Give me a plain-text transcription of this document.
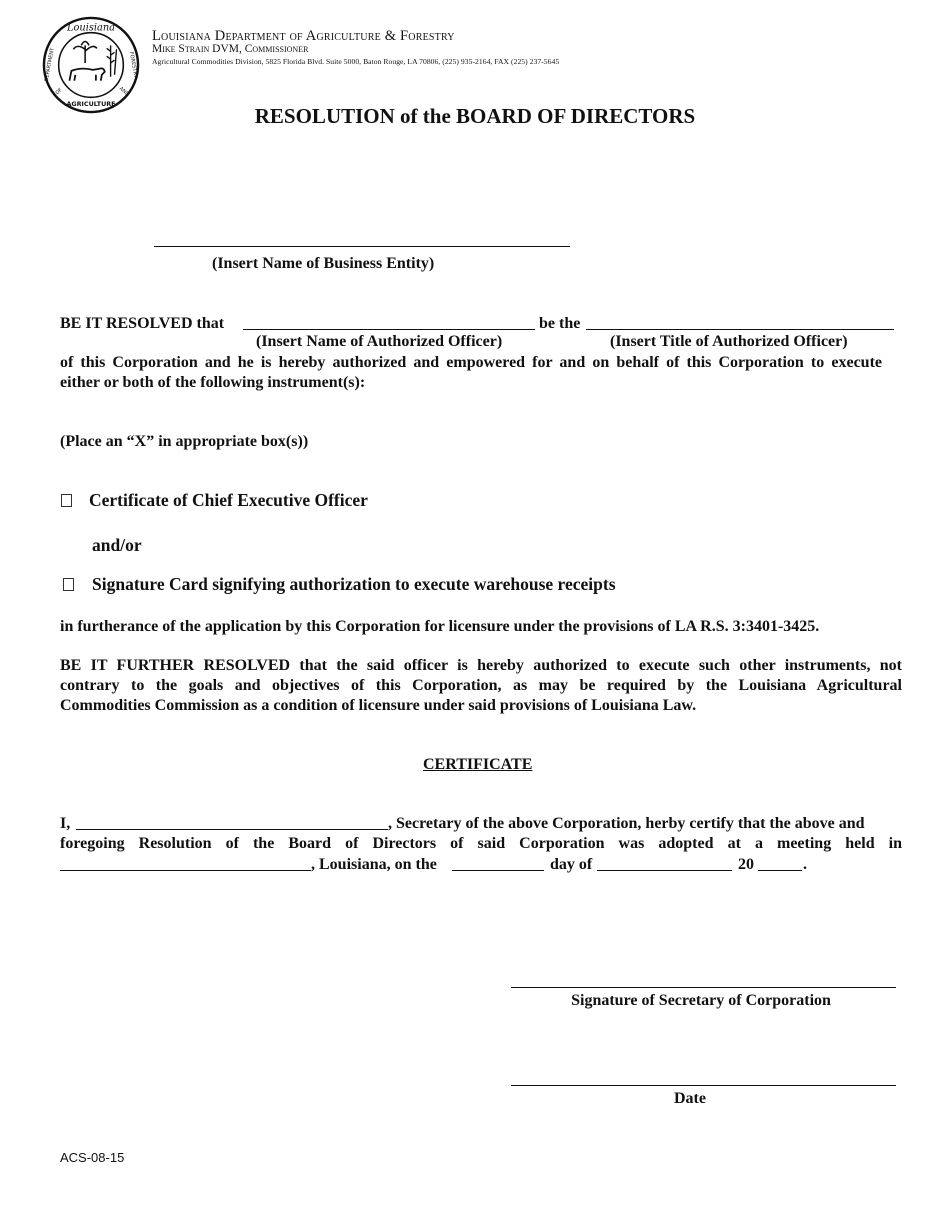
Louisiana
DEPARTMENT
OF
AGRICULTURE
AND
FORESTRY
Louisiana Department of Agriculture & Forestry
Mike Strain DVM, Commissioner
Agricultural Commodities Division, 5825 Florida Blvd. Suite 5000, Baton Rouge, LA 70806, (225) 935-2164, FAX (225) 237-5645
RESOLUTION of the BOARD OF DIRECTORS
(Insert Name of Business Entity)
BE IT RESOLVED that	be the
(Insert Name of Authorized Officer)	(Insert Title of Authorized Officer)
of this Corporation and he is hereby authorized and empowered for and on behalf of this Corporation to execute
either or both of the following instrument(s):
(Place an “X” in appropriate box(s))
Certificate of Chief Executive Officer
and/or
Signature Card signifying authorization to execute warehouse receipts
in furtherance of the application by this Corporation for licensure under the provisions of LA R.S. 3:3401-3425.
BE IT FURTHER RESOLVED that the said officer is hereby authorized to execute such other instruments, not
contrary to the goals and objectives of this Corporation, as may be required by the Louisiana Agricultural
Commodities Commission as a condition of licensure under said provisions of Louisiana Law.
CERTIFICATE
I,	, Secretary of the above Corporation, herby certify that the above and
foregoing Resolution of the Board of Directors of said Corporation was adopted at a meeting held in
, Louisiana, on the	day of	20	.
Signature of Secretary of Corporation
Date
ACS-08-15
